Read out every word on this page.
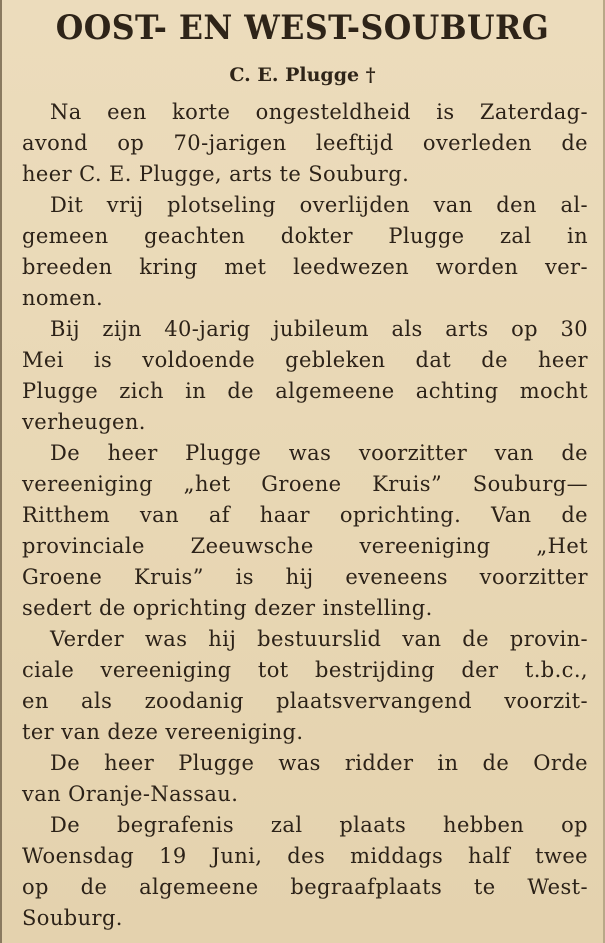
OOST- EN WEST-SOUBURG
C. E. Plugge †
Na een korte ongesteldheid is Zaterdag-
avond op 70-jarigen leeftijd overleden de
heer C. E. Plugge, arts te Souburg.
Dit vrij plotseling overlijden van den al-
gemeen geachten dokter Plugge zal in
breeden kring met leedwezen worden ver-
nomen.
Bij zijn 40-jarig jubileum als arts op 30
Mei is voldoende gebleken dat de heer
Plugge zich in de algemeene achting mocht
verheugen.
De heer Plugge was voorzitter van de
vereeniging „het Groene Kruis” Souburg—
Ritthem van af haar oprichting. Van de
provinciale Zeeuwsche vereeniging „Het
Groene Kruis” is hij eveneens voorzitter
sedert de oprichting dezer instelling.
Verder was hij bestuurslid van de provin-
ciale vereeniging tot bestrijding der t.b.c.,
en als zoodanig plaatsvervangend voorzit-
ter van deze vereeniging.
De heer Plugge was ridder in de Orde
van Oranje-Nassau.
De begrafenis zal plaats hebben op
Woensdag 19 Juni, des middags half twee
op de algemeene begraafplaats te West-
Souburg.
